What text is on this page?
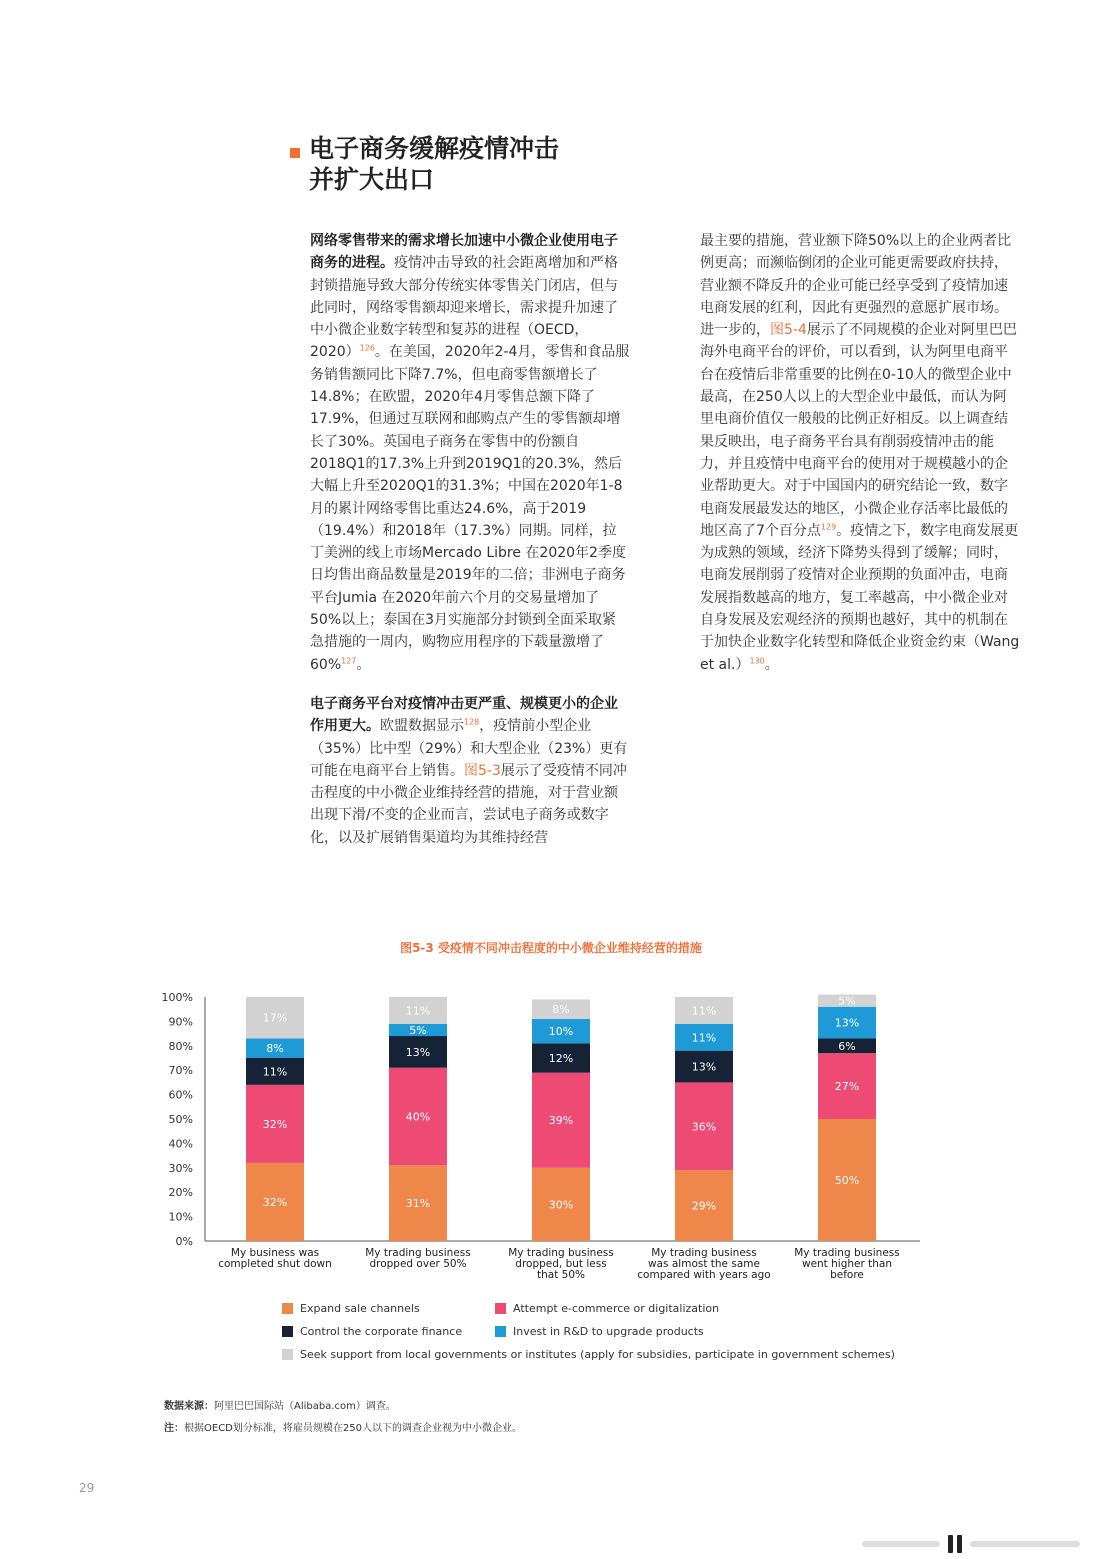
电子商务缓解疫情冲击
并扩大出口

网络零售带来的需求增长加速中小微企业使用电子商务的进程。疫情冲击导致的社会距离增加和严格封锁措施导致大部分传统实体零售关门闭店，但与此同时，网络零售额却迎来增长，需求提升加速了中小微企业数字转型和复苏的进程（OECD，2020）$^{126}$。在美国，2020年2-4月，零售和食品服务销售额同比下降7.7%，但电商零售额增长了14.8%；在欧盟，2020年4月零售总额下降了17.9%，但通过互联网和邮购点产生的零售额却增长了30%。英国电子商务在零售中的份额自2018Q1的17.3%上升到2019Q1的20.3%，然后大幅上升至2020Q1的31.3%；中国在2020年1-8月的累计网络零售比重达24.6%，高于2019（19.4%）和2018年（17.3%）同期。同样，拉丁美洲的线上市场Mercado Libre 在2020年2季度日均售出商品数量是2019年的二倍；非洲电子商务平台Jumia 在2020年前六个月的交易量增加了50%以上；泰国在3月实施部分封锁到全面采取紧急措施的一周内，购物应用程序的下载量激增了60%$^{127}$。

电子商务平台对疫情冲击更严重、规模更小的企业作用更大。欧盟数据显示$^{128}$，疫情前小型企业（35%）比中型（29%）和大型企业（23%）更有可能在电商平台上销售。图5-3展示了受疫情不同冲击程度的中小微企业维持经营的措施，对于营业额出现下滑/不变的企业而言，尝试电子商务或数字化，以及扩展销售渠道均为其维持经营

最主要的措施，营业额下降50%以上的企业两者比例更高；而濒临倒闭的企业可能更需要政府扶持，营业额不降反升的企业可能已经享受到了疫情加速电商发展的红利，因此有更强烈的意愿扩展市场。进一步的，图5-4展示了不同规模的企业对阿里巴巴海外电商平台的评价，可以看到，认为阿里电商平台在疫情后非常重要的比例在0-10人的微型企业中最高，在250人以上的大型企业中最低，而认为阿里电商价值仅一般般的比例正好相反。以上调查结果反映出，电子商务平台具有削弱疫情冲击的能力，并且疫情中电商平台的使用对于规模越小的企业帮助更大。对于中国国内的研究结论一致，数字电商发展最发达的地区，小微企业存活率比最低的地区高了7个百分点$^{129}$。疫情之下，数字电商发展更为成熟的领域，经济下降势头得到了缓解；同时，电商发展削弱了疫情对企业预期的负面冲击，电商发展指数越高的地方，复工率越高，中小微企业对自身发展及宏观经济的预期也越好，其中的机制在于加快企业数字化转型和降低企业资金约束（Wang et al.）$^{130}$。

图5-3 受疫情不同冲击程度的中小微企业维持经营的措施
0%
10%
20%
30%
40%
50%
60%
70%
80%
90%
100%
32%
32%
11%
8%
17%
My business was
completed shut down
31%
40%
13%
5%
11%
My trading business
dropped over 50%
30%
39%
12%
10%
8%
My trading business
dropped, but less
that 50%
29%
36%
13%
11%
11%
My trading business
was almost the same
compared with years ago
50%
27%
6%
13%
5%
My trading business
went higher than
before
Expand sale channels	Attempt e-commerce or digitalization
Control the corporate finance	Invest in R&D to upgrade products
Seek support from local governments or institutes (apply for subsidies, participate in government schemes)
数据来源：阿里巴巴国际站（Alibaba.com）调查。
注：根据OECD划分标准，将雇员规模在250人以下的调查企业视为中小微企业。
29
